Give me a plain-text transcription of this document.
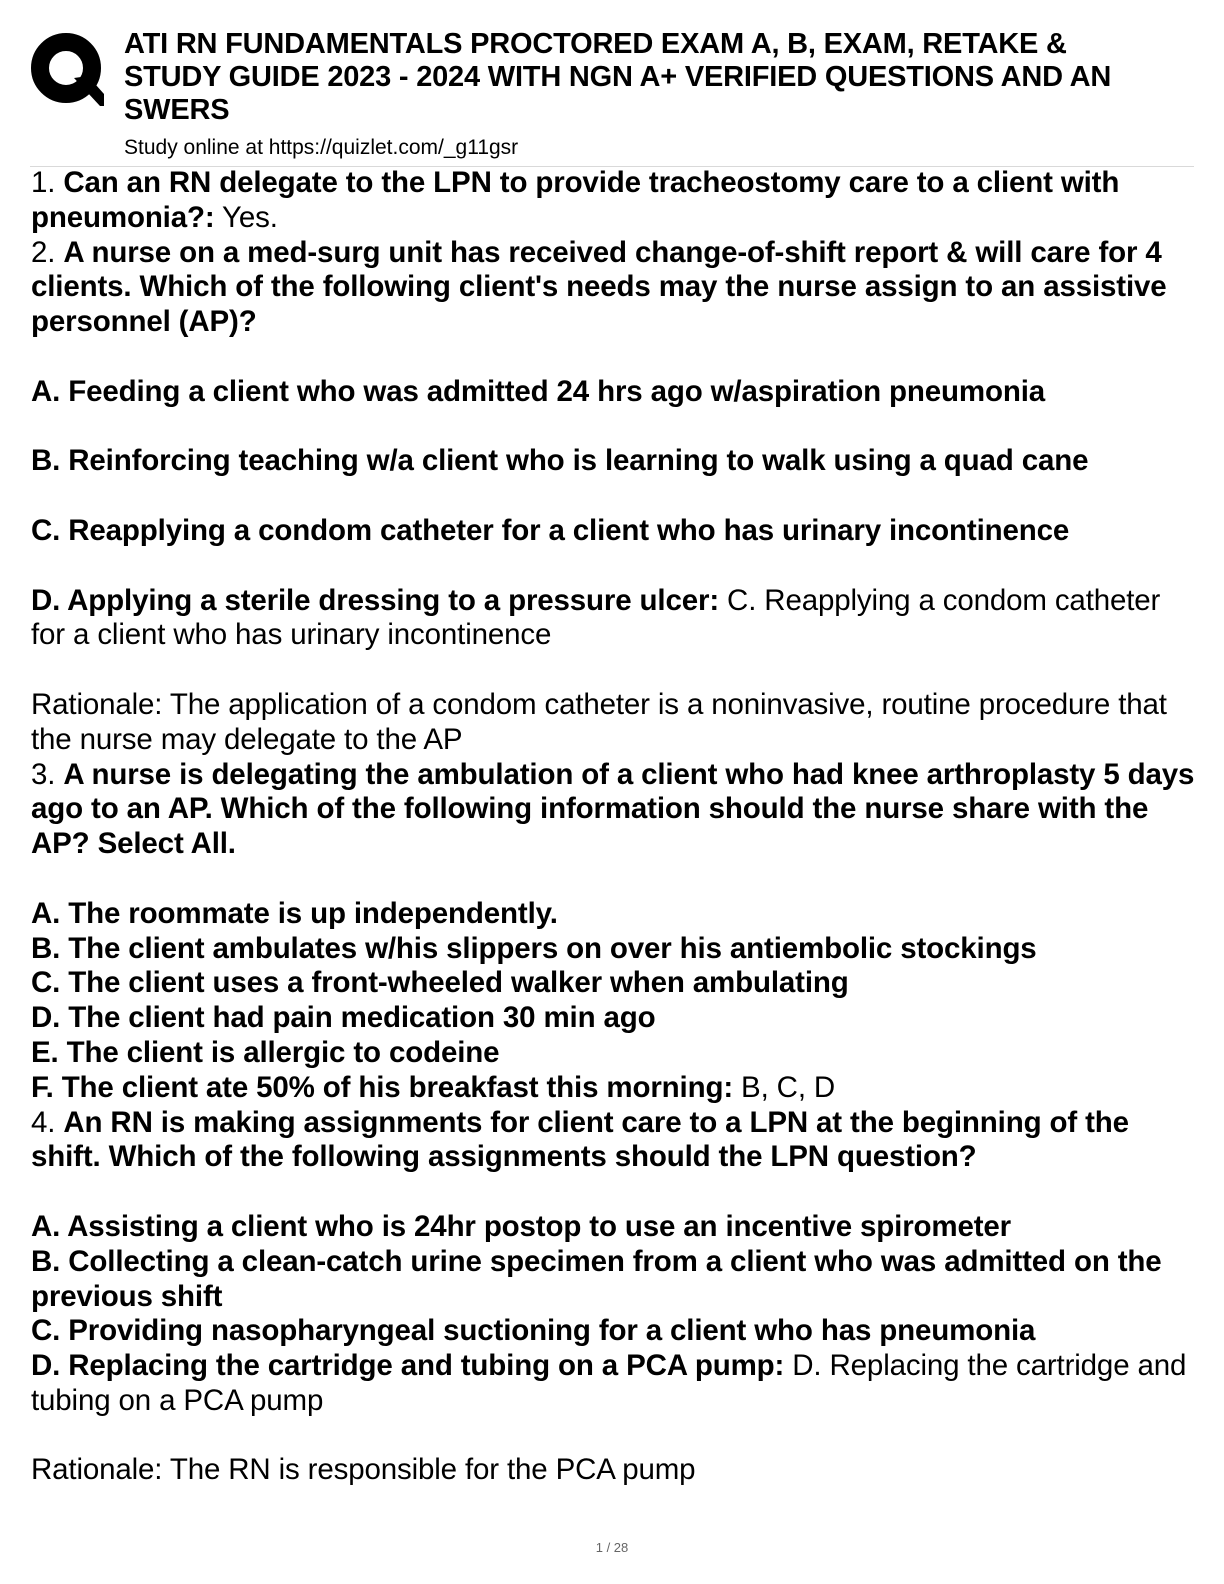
ATI RN FUNDAMENTALS PROCTORED EXAM A, B, EXAM, RETAKE &
STUDY GUIDE 2023 - 2024 WITH NGN A+ VERIFIED QUESTIONS AND AN
SWERS
Study online at https://quizlet.com/_g11gsr
1. Can an RN delegate to the LPN to provide tracheostomy care to a client with pneumonia?: Yes.
2. A nurse on a med-surg unit has received change-of-shift report & will care for 4 clients. Which of the following client's needs may the nurse assign to an assistive personnel (AP)?
A. Feeding a client who was admitted 24 hrs ago w/aspiration pneumonia
B. Reinforcing teaching w/a client who is learning to walk using a quad cane
C. Reapplying a condom catheter for a client who has urinary incontinence
D. Applying a sterile dressing to a pressure ulcer: C. Reapplying a condom catheter for a client who has urinary incontinence
Rationale: The application of a condom catheter is a noninvasive, routine procedure that the nurse may delegate to the AP
3. A nurse is delegating the ambulation of a client who had knee arthroplasty 5 days ago to an AP. Which of the following information should the nurse share with the AP? Select All.
A. The roommate is up independently.
B. The client ambulates w/his slippers on over his antiembolic stockings
C. The client uses a front-wheeled walker when ambulating
D. The client had pain medication 30 min ago
E. The client is allergic to codeine
F. The client ate 50% of his breakfast this morning: B, C, D
4. An RN is making assignments for client care to a LPN at the beginning of the shift. Which of the following assignments should the LPN question?
A. Assisting a client who is 24hr postop to use an incentive spirometer
B. Collecting a clean-catch urine specimen from a client who was admitted on the previous shift
C. Providing nasopharyngeal suctioning for a client who has pneumonia
D. Replacing the cartridge and tubing on a PCA pump: D. Replacing the cartridge and tubing on a PCA pump
Rationale: The RN is responsible for the PCA pump
1 / 28
